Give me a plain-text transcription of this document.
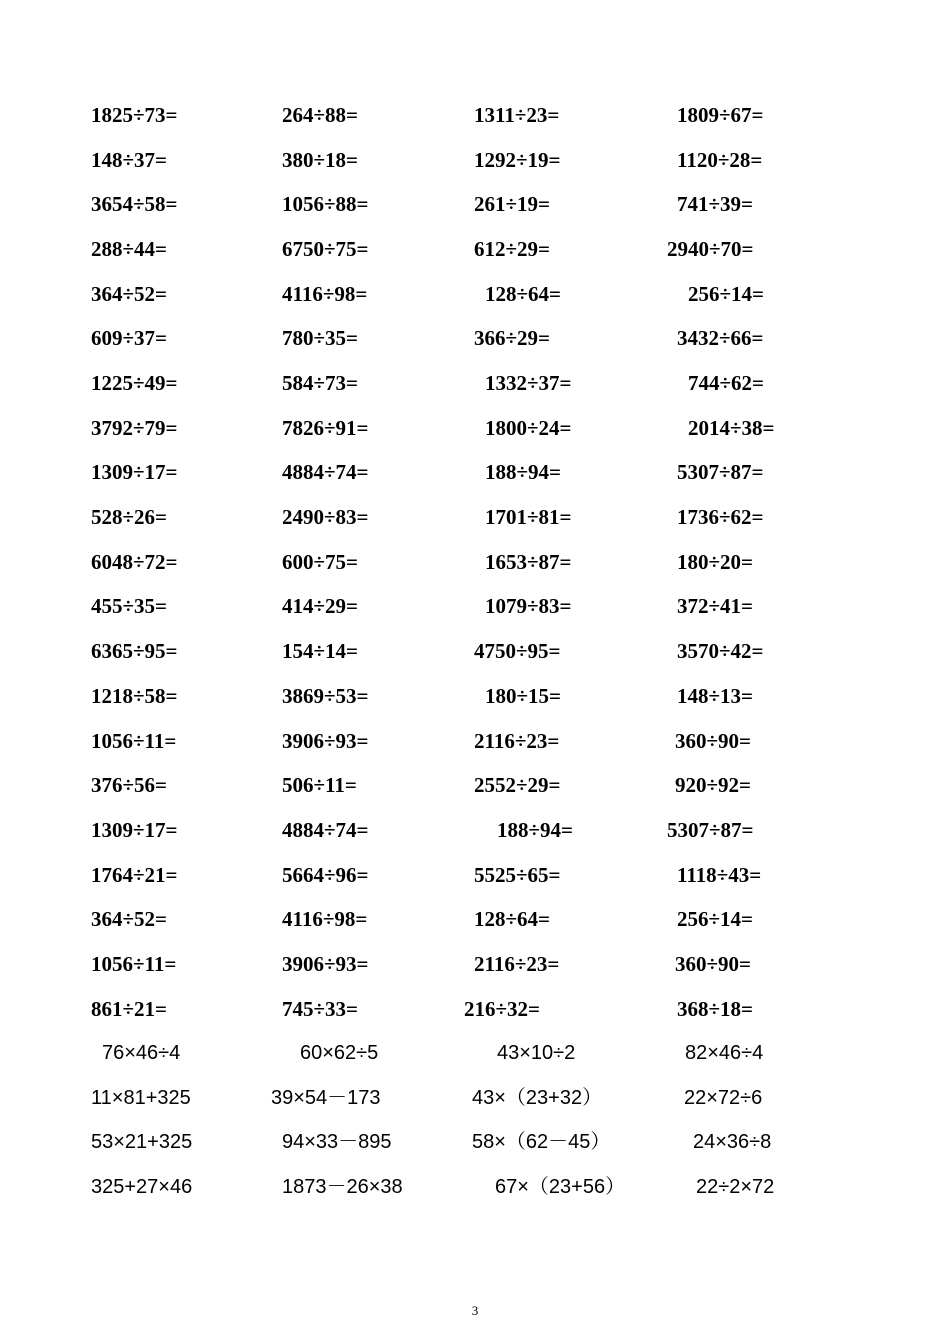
1825÷73=	264÷88=	1311÷23=	1809÷67=
148÷37=	380÷18=	1292÷19=	1120÷28=
3654÷58=	1056÷88=	261÷19=	741÷39=
288÷44=	6750÷75=	612÷29=	2940÷70=
364÷52=	4116÷98=	128÷64=	256÷14=
609÷37=	780÷35=	366÷29=	3432÷66=
1225÷49=	584÷73=	1332÷37=	744÷62=
3792÷79=	7826÷91=	1800÷24=	2014÷38=
1309÷17=	4884÷74=	188÷94=	5307÷87=
528÷26=	2490÷83=	1701÷81=	1736÷62=
6048÷72=	600÷75=	1653÷87=	180÷20=
455÷35=	414÷29=	1079÷83=	372÷41=
6365÷95=	154÷14=	4750÷95=	3570÷42=
1218÷58=	3869÷53=	180÷15=	148÷13=
1056÷11=	3906÷93=	2116÷23=	360÷90=
376÷56=	506÷11=	2552÷29=	920÷92=
1309÷17=	4884÷74=	188÷94=	5307÷87=
1764÷21=	5664÷96=	5525÷65=	1118÷43=
364÷52=	4116÷98=	128÷64=	256÷14=
1056÷11=	3906÷93=	2116÷23=	360÷90=
861÷21=	745÷33=	216÷32=	368÷18=
76×46÷4	60×62÷5	43×10÷2	82×46÷4
11×81+325	39×54－173	43×（23+32）	22×72÷6
53×21+325	94×33－895	58×（62－45）	24×36÷8
325+27×46	1873－26×38	67×（23+56）	22÷2×72
3
